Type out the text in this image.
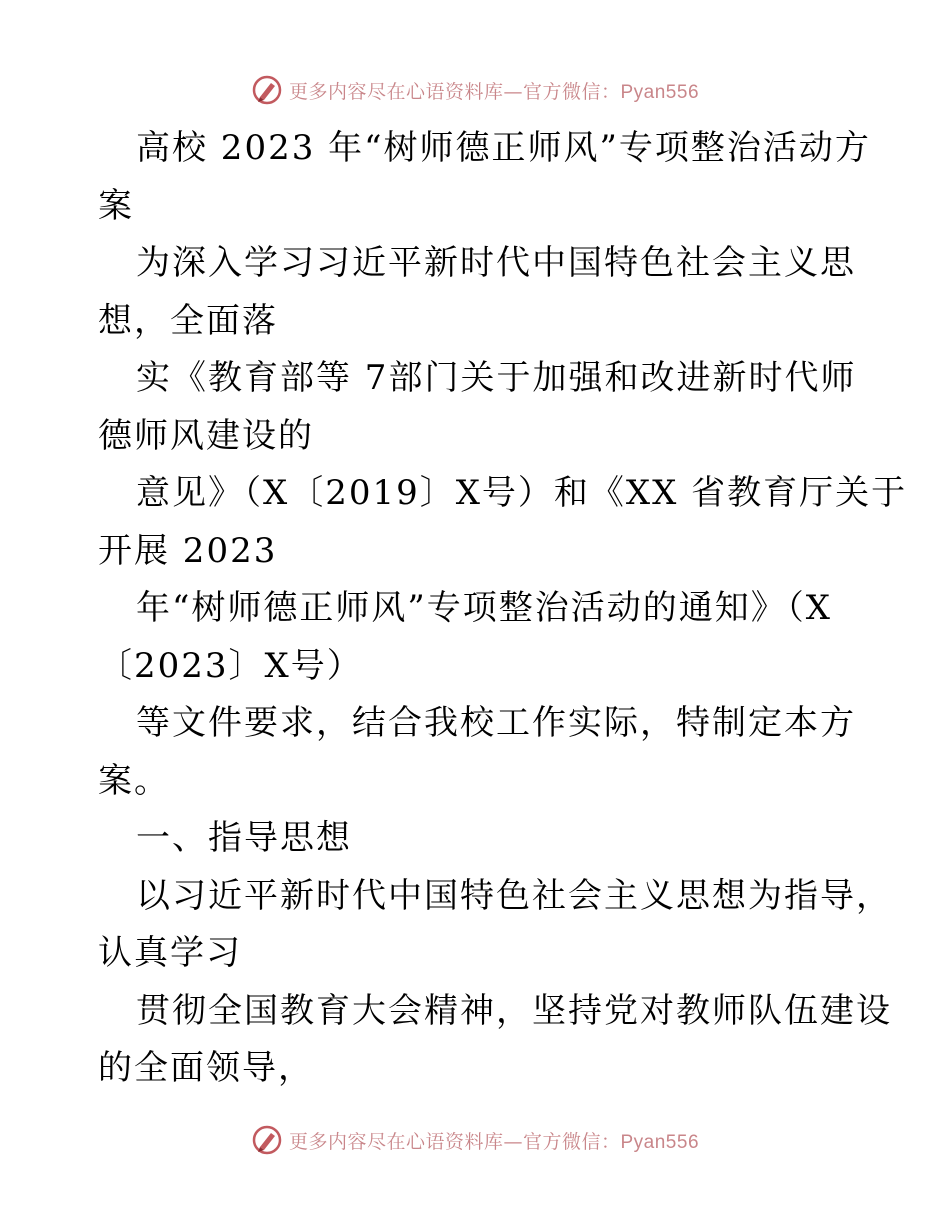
更多内容尽在心语资料库—官方微信：Pyan556

高校 2023 年“树师德正师风”专项整治活动方
案

为深入学习习近平新时代中国特色社会主义思
想，全面落

实《教育部等 7部门关于加强和改进新时代师
德师风建设的

意见》（X〔2019〕X号）和《XX 省教育厅关于
开展 2023

年“树师德正师风”专项整治活动的通知》（X
〔2023〕X号）

等文件要求，结合我校工作实际，特制定本方
案。

一、指导思想

以习近平新时代中国特色社会主义思想为指导，
认真学习

贯彻全国教育大会精神，坚持党对教师队伍建设
的全面领导，

更多内容尽在心语资料库—官方微信：Pyan556
